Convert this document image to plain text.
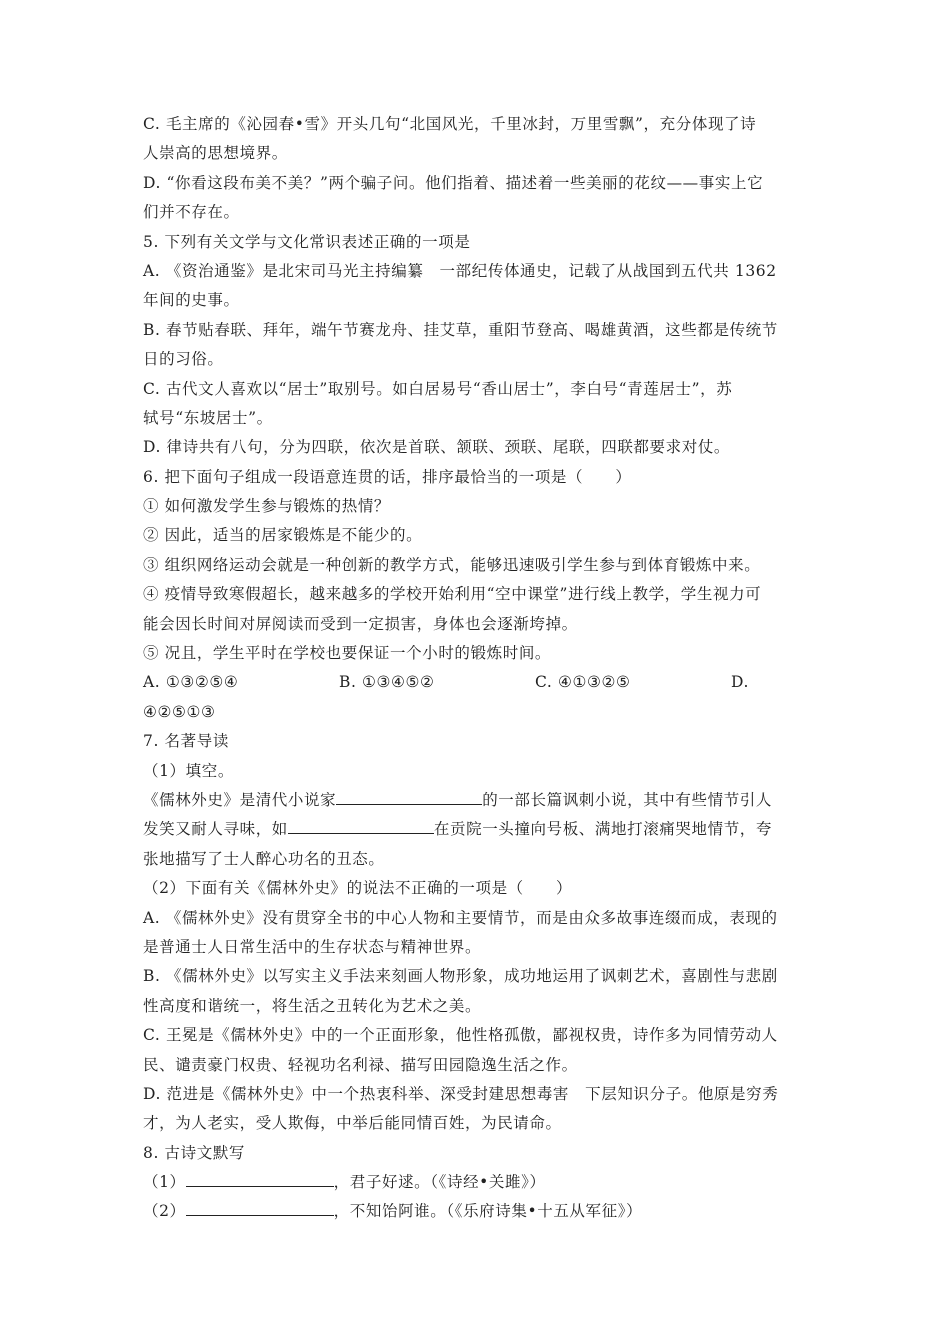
C. 毛主席的《沁园春•雪》开头几句“北国风光，千里冰封，万里雪飘”，充分体现了诗
人崇高的思想境界。
D. “你看这段布美不美？”两个骗子问。他们指着、描述着一些美丽的花纹——事实上它
们并不存在。
5. 下列有关文学与文化常识表述正确的一项是
A. 《资治通鉴》是北宋司马光主持编纂　一部纪传体通史，记载了从战国到五代共 1362
年间的史事。
B. 春节贴春联、拜年，端午节赛龙舟、挂艾草，重阳节登高、喝雄黄酒，这些都是传统节
日的习俗。
C. 古代文人喜欢以“居士”取别号。如白居易号“香山居士”，李白号“青莲居士”，苏
轼号“东坡居士”。
D. 律诗共有八句，分为四联，依次是首联、颔联、颈联、尾联，四联都要求对仗。
6. 把下面句子组成一段语意连贯的话，排序最恰当的一项是（　　）
① 如何激发学生参与锻炼的热情？
② 因此，适当的居家锻炼是不能少的。
③ 组织网络运动会就是一种创新的教学方式，能够迅速吸引学生参与到体育锻炼中来。
④ 疫情导致寒假超长，越来越多的学校开始利用“空中课堂”进行线上教学，学生视力可
能会因长时间对屏阅读而受到一定损害，身体也会逐渐垮掉。
⑤ 况且，学生平时在学校也要保证一个小时的锻炼时间。
A. ①③②⑤④	B. ①③④⑤②	C. ④①③②⑤	D.
④②⑤①③
7. 名著导读
（1）填空。
《儒林外史》是清代小说家	的一部长篇讽刺小说，其中有些情节引人
发笑又耐人寻味，如	在贡院一头撞向号板、满地打滚痛哭地情节，夸
张地描写了士人醉心功名的丑态。
（2）下面有关《儒林外史》的说法不正确的一项是（　　）
A. 《儒林外史》没有贯穿全书的中心人物和主要情节，而是由众多故事连缀而成，表现的
是普通士人日常生活中的生存状态与精神世界。
B. 《儒林外史》以写实主义手法来刻画人物形象，成功地运用了讽刺艺术，喜剧性与悲剧
性高度和谐统一，将生活之丑转化为艺术之美。
C. 王冕是《儒林外史》中的一个正面形象，他性格孤傲，鄙视权贵，诗作多为同情劳动人
民、谴责豪门权贵、轻视功名利禄、描写田园隐逸生活之作。
D. 范进是《儒林外史》中一个热衷科举、深受封建思想毒害　下层知识分子。他原是穷秀
才，为人老实，受人欺侮，中举后能同情百姓，为民请命。
8. 古诗文默写
（1）	，君子好逑。（《诗经•关雎》）
（2）	，不知饴阿谁。（《乐府诗集•十五从军征》）
